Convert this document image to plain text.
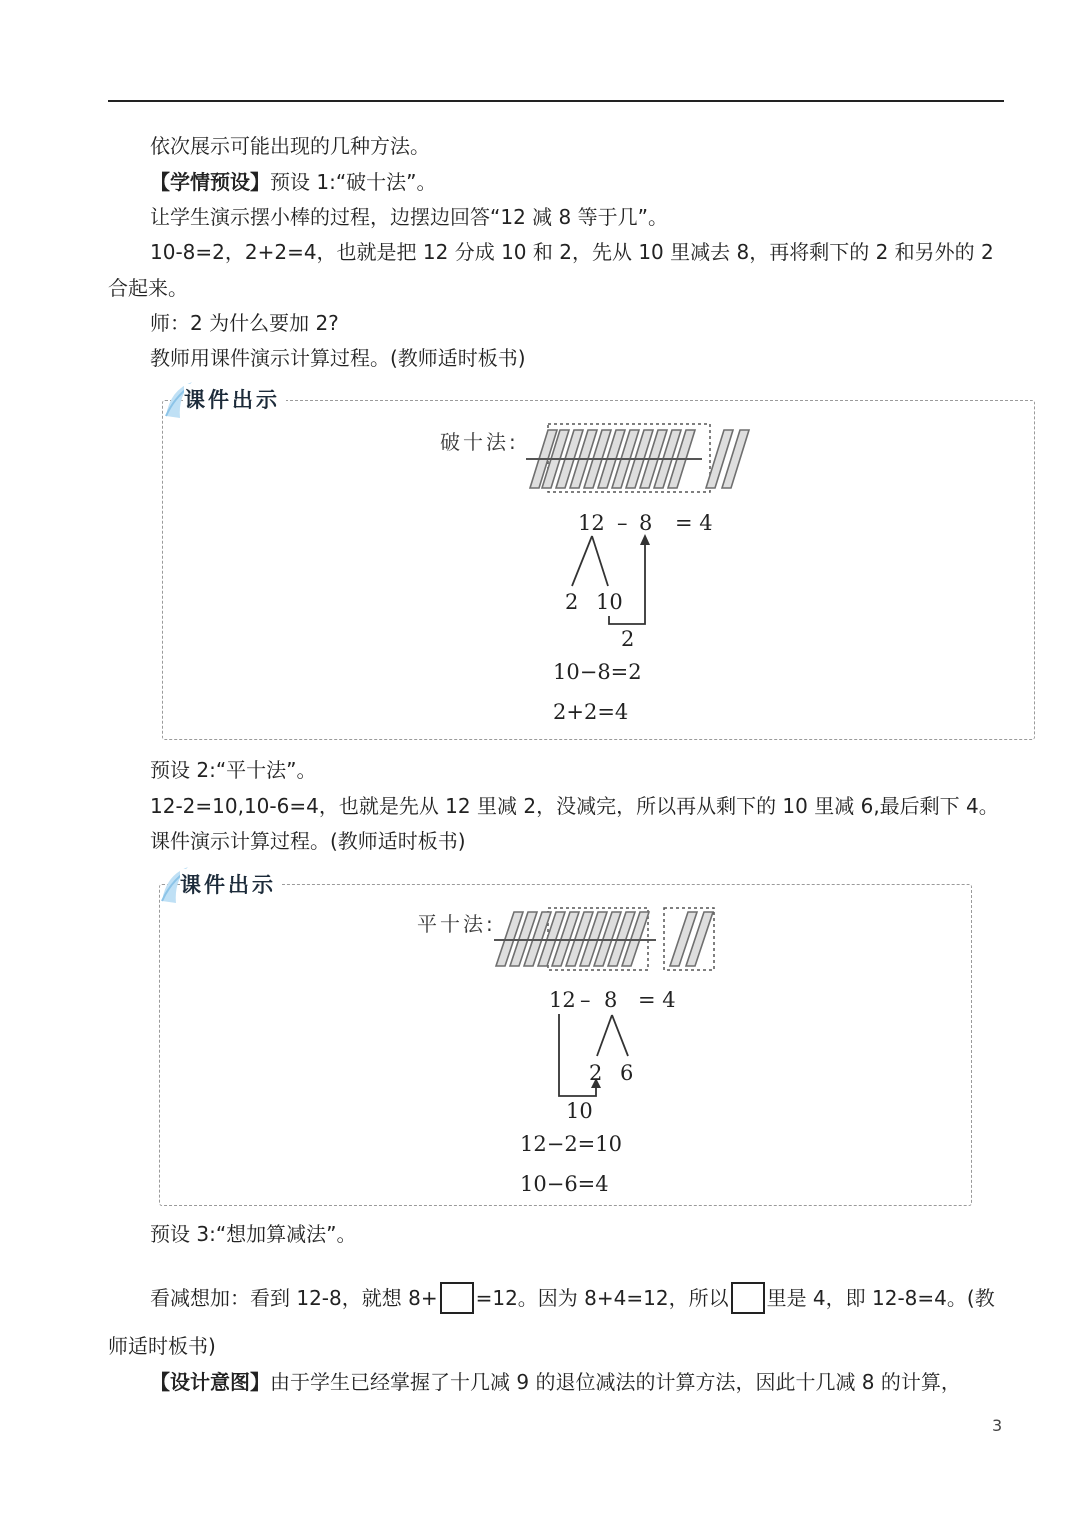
依次展示可能出现的几种方法。
【学情预设】预设 1:“破十法”。
让学生演示摆小棒的过程，边摆边回答“12 减 8 等于几”。
10-8=2，2+2=4，也就是把 12 分成 10 和 2，先从 10 里减去 8，再将剩下的 2 和另外的 2
合起来。
师：2 为什么要加 2?
教师用课件演示计算过程。(教师适时板书)
课件出示
破十法:
12 – 8 = 4
2 10
2
10−8=2
2+2=4
预设 2:“平十法”。
12-2=10,10-6=4，也就是先从 12 里减 2，没减完，所以再从剩下的 10 里减 6,最后剩下 4。
课件演示计算过程。(教师适时板书)
课件出示
平十法:
12 – 8 = 4
2 6
10
12−2=10
10−6=4
预设 3:“想加算减法”。
看减想加：看到 12-8，就想 8+ =12。因为 8+4=12，所以 里是 4，即 12-8=4。(教
师适时板书)
【设计意图】由于学生已经掌握了十几减 9 的退位减法的计算方法，因此十几减 8 的计算，
3
